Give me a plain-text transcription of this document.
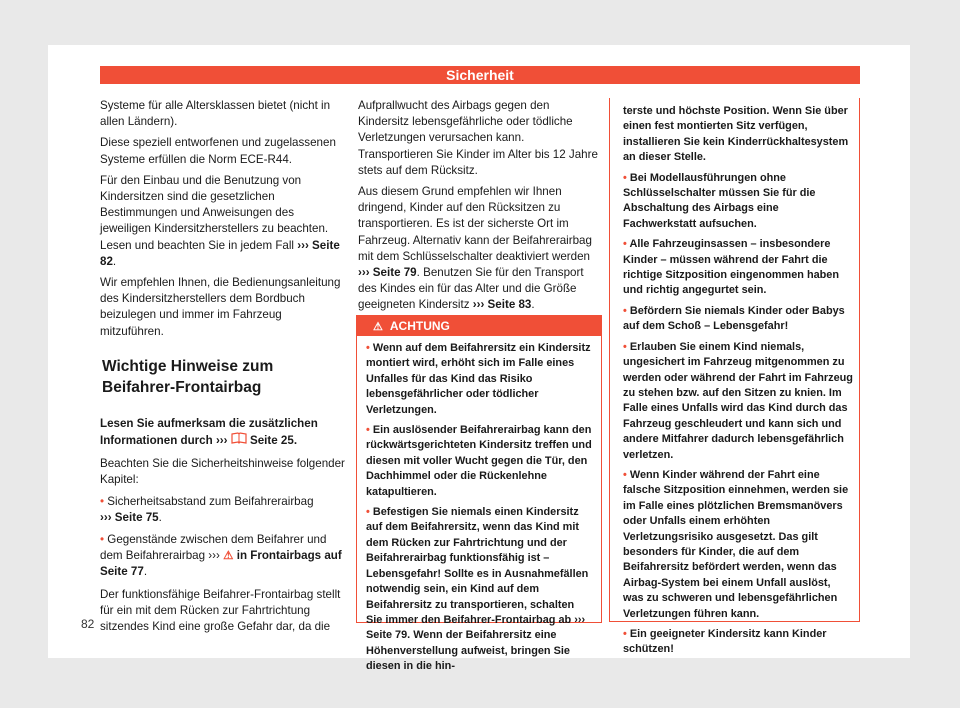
Sicherheit

Systeme für alle Altersklassen bietet (nicht in allen Ländern).

Diese speziell entworfenen und zugelassenen Systeme erfüllen die Norm ECE-R44.

Für den Einbau und die Benutzung von Kindersitzen sind die gesetzlichen Bestimmungen und Anweisungen des jeweiligen Kindersitzherstellers zu beachten. Lesen und beachten Sie in jedem Fall ››› Seite 82.

Wir empfehlen Ihnen, die Bedienungsanleitung des Kindersitzherstellers dem Bordbuch beizulegen und immer im Fahrzeug mitzuführen.

Wichtige Hinweise zum Beifahrer-Frontairbag

Lesen Sie aufmerksam die zusätzlichen Informationen durch ››› Seite 25.

Beachten Sie die Sicherheitshinweise folgender Kapitel:

• Sicherheitsabstand zum Beifahrerairbag
››› Seite 75.

• Gegenstände zwischen dem Beifahrer und dem Beifahrerairbag ››› ⚠ in Frontairbags auf Seite 77.

Der funktionsfähige Beifahrer-Frontairbag stellt für ein mit dem Rücken zur Fahrtrichtung sitzendes Kind eine große Gefahr dar, da die

Aufprallwucht des Airbags gegen den Kindersitz lebensgefährliche oder tödliche Verletzungen verursachen kann. Transportieren Sie Kinder im Alter bis 12 Jahre stets auf dem Rücksitz.

Aus diesem Grund empfehlen wir Ihnen dringend, Kinder auf den Rücksitzen zu transportieren. Es ist der sicherste Ort im Fahrzeug. Alternativ kann der Beifahrerairbag mit dem Schlüsselschalter deaktiviert werden ››› Seite 79. Benutzen Sie für den Transport des Kindes ein für das Alter und die Größe geeigneten Kindersitz ››› Seite 83.

⚠ ACHTUNG

• Wenn auf dem Beifahrersitz ein Kindersitz montiert wird, erhöht sich im Falle eines Unfalles für das Kind das Risiko lebensgefährlicher oder tödlicher Verletzungen.

• Ein auslösender Beifahrerairbag kann den rückwärtsgerichteten Kindersitz treffen und diesen mit voller Wucht gegen die Tür, den Dachhimmel oder die Rückenlehne katapultieren.

• Befestigen Sie niemals einen Kindersitz auf dem Beifahrersitz, wenn das Kind mit dem Rücken zur Fahrtrichtung und der Beifahrerairbag funktionsfähig ist – Lebensgefahr! Sollte es in Ausnahmefällen notwendig sein, ein Kind auf dem Beifahrersitz zu transportieren, schalten Sie immer den Beifahrer-Frontairbag ab ››› Seite 79. Wenn der Beifahrersitz eine Höhenverstellung aufweist, bringen Sie diesen in die hin-

terste und höchste Position. Wenn Sie über einen fest montierten Sitz verfügen, installieren Sie kein Kinderrückhaltesystem an dieser Stelle.

• Bei Modellausführungen ohne Schlüsselschalter müssen Sie für die Abschaltung des Airbags eine Fachwerkstatt aufsuchen.

• Alle Fahrzeuginsassen – insbesondere Kinder – müssen während der Fahrt die richtige Sitzposition eingenommen haben und richtig angegurtet sein.

• Befördern Sie niemals Kinder oder Babys auf dem Schoß – Lebensgefahr!

• Erlauben Sie einem Kind niemals, ungesichert im Fahrzeug mitgenommen zu werden oder während der Fahrt im Fahrzeug zu stehen bzw. auf den Sitzen zu knien. Im Falle eines Unfalls wird das Kind durch das Fahrzeug geschleudert und kann sich und andere Mitfahrer dadurch lebensgefährlich verletzen.

• Wenn Kinder während der Fahrt eine falsche Sitzposition einnehmen, werden sie im Falle eines plötzlichen Bremsmanövers oder Unfalls einem erhöhten Verletzungsrisiko ausgesetzt. Das gilt besonders für Kinder, die auf dem Beifahrersitz befördert werden, wenn das Airbag-System bei einem Unfall auslöst, was zu schweren und lebensgefährlichen Verletzungen führen kann.

• Ein geeigneter Kindersitz kann Kinder schützen!

82
